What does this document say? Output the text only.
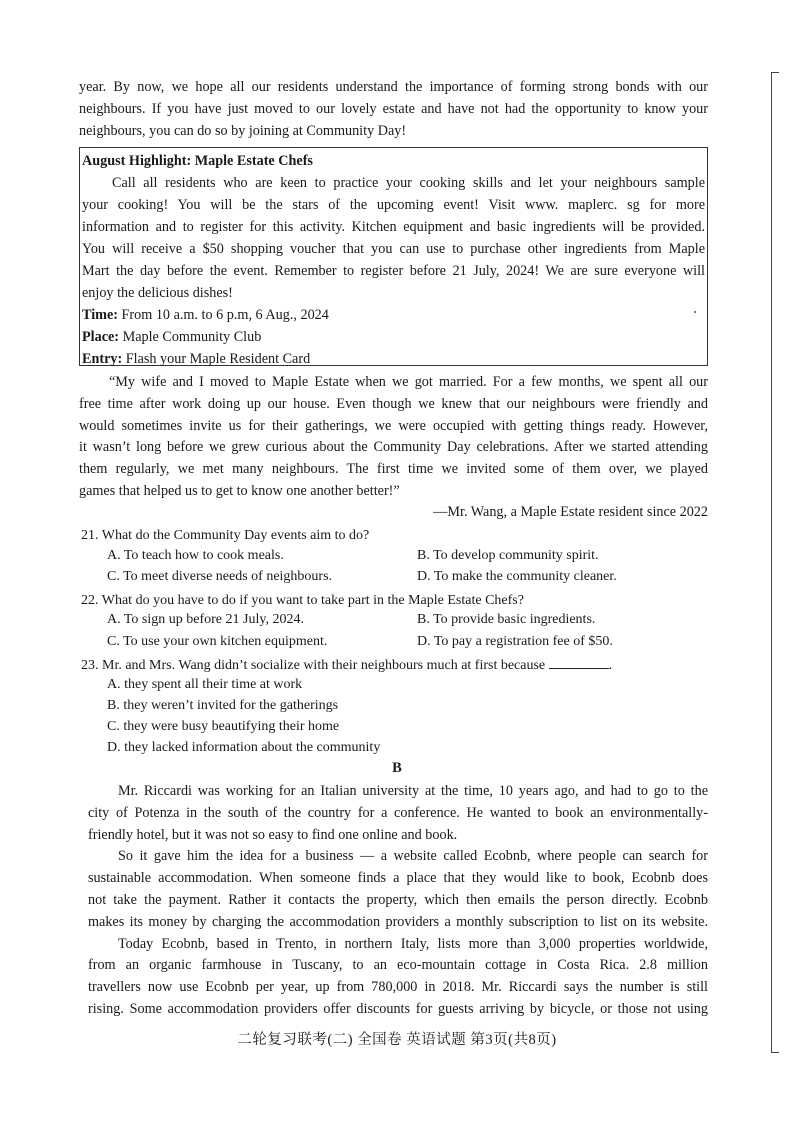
year. By now, we hope all our residents understand the importance of forming strong bonds with our
neighbours. If you have just moved to our lovely estate and have not had the opportunity to know your
neighbours, you can do so by joining at Community Day!
August Highlight: Maple Estate Chefs
Call all residents who are keen to practice your cooking skills and let your neighbours sample
your cooking! You will be the stars of the upcoming event! Visit www. maplerc. sg for more
information and to register for this activity. Kitchen equipment and basic ingredients will be provided.
You will receive a $50 shopping voucher that you can use to purchase other ingredients from Maple
Mart the day before the event. Remember to register before 21 July, 2024! We are sure everyone will
enjoy the delicious dishes!
Time: From 10 a.m. to 6 p.m, 6 Aug., 2024
Place: Maple Community Club
Entry: Flash your Maple Resident Card
“My wife and I moved to Maple Estate when we got married. For a few months, we spent all our
free time after work doing up our house. Even though we knew that our neighbours were friendly and
would sometimes invite us for their gatherings, we were occupied with getting things ready. However,
it wasn’t long before we grew curious about the Community Day celebrations. After we started attending
them regularly, we met many neighbours. The first time we invited some of them over, we played
games that helped us to get to know one another better!”
—Mr. Wang, a Maple Estate resident since 2022
21. What do the Community Day events aim to do?
A. To teach how to cook meals.	B. To develop community spirit.
C. To meet diverse needs of neighbours.	D. To make the community cleaner.
22. What do you have to do if you want to take part in the Maple Estate Chefs?
A. To sign up before 21 July, 2024.	B. To provide basic ingredients.
C. To use your own kitchen equipment.	D. To pay a registration fee of $50.
23. Mr. and Mrs. Wang didn’t socialize with their neighbours much at first because	.
A. they spent all their time at work
B. they weren’t invited for the gatherings
C. they were busy beautifying their home
D. they lacked information about the community
B
Mr. Riccardi was working for an Italian university at the time, 10 years ago, and had to go to the
city of Potenza in the south of the country for a conference. He wanted to book an environmentally-
friendly hotel, but it was not so easy to find one online and book.
So it gave him the idea for a business — a website called Ecobnb, where people can search for
sustainable accommodation. When someone finds a place that they would like to book, Ecobnb does
not take the payment. Rather it contacts the property, which then emails the person directly. Ecobnb
makes its money by charging the accommodation providers a monthly subscription to list on its website.
Today Ecobnb, based in Trento, in northern Italy, lists more than 3,000 properties worldwide,
from an organic farmhouse in Tuscany, to an eco-mountain cottage in Costa Rica. 2.8 million
travellers now use Ecobnb per year, up from 780,000 in 2018. Mr. Riccardi says the number is still
rising. Some accommodation providers offer discounts for guests arriving by bicycle, or those not using
二轮复习联考(二) 全国卷 英语试题 第3页(共8页)
